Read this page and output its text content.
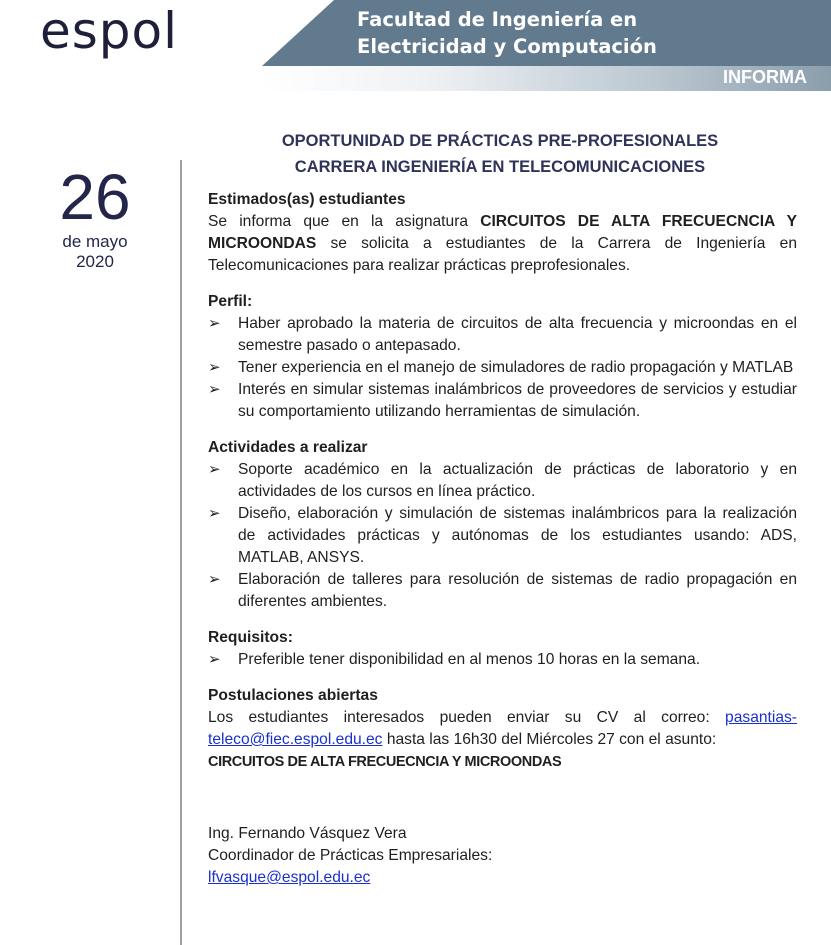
espol	Facultad de Ingeniería en
Electricidad y Computación
INFORMA
26
de mayo
2020
OPORTUNIDAD DE PRÁCTICAS PRE-PROFESIONALES
CARRERA INGENIERÍA EN TELECOMUNICACIONES
Estimados(as) estudiantes

Se informa que en la asignatura CIRCUITOS DE ALTA FRECUECNCIA Y MICROONDAS se solicita a estudiantes de la Carrera de Ingeniería en Telecomunicaciones para realizar prácticas preprofesionales.

Perfil:
➢ Haber aprobado la materia de circuitos de alta frecuencia y microondas en el semestre pasado o antepasado.
➢ Tener experiencia en el manejo de simuladores de radio propagación y MATLAB
➢ Interés en simular sistemas inalámbricos de proveedores de servicios y estudiar su comportamiento utilizando herramientas de simulación.
Actividades a realizar
➢ Soporte académico en la actualización de prácticas de laboratorio y en actividades de los cursos en línea práctico.
➢ Diseño, elaboración y simulación de sistemas inalámbricos para la realización de actividades prácticas y autónomas de los estudiantes usando: ADS, MATLAB, ANSYS.
➢ Elaboración de talleres para resolución de sistemas de radio propagación en diferentes ambientes.
Requisitos:
➢ Preferible tener disponibilidad en al menos 10 horas en la semana.
Postulaciones abiertas

Los estudiantes interesados pueden enviar su CV al correo: pasantias-teleco@fiec.espol.edu.ec hasta las 16h30 del Miércoles 27 con el asunto:

CIRCUITOS DE ALTA FRECUECNCIA Y MICROONDAS
Ing. Fernando Vásquez Vera
Coordinador de Prácticas Empresariales:
lfvasque@espol.edu.ec
